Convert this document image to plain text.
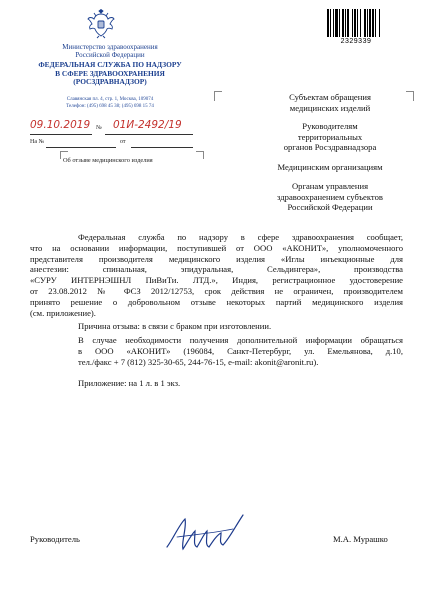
Министерство здравоохранения
Российской Федерации
ФЕДЕРАЛЬНАЯ СЛУЖБА ПО НАДЗОРУ
В СФЕРЕ ЗДРАВООХРАНЕНИЯ
(РОСЗДРАВНАДЗОР)
Славянская пл. 4, стр. 1, Москва, 109074
Телефон: (495) 698 45 38; (495) 698 15 74
2329339
09.10.2019 № 01И-2492/19
На №	от
Об отзыве медицинского изделия
Субъектам обращения
медицинских изделий
Руководителям
территориальных
органов Росздравнадзора
Медицинским организациям
Органам управления
здравоохранением субъектов
Российской Федерации
Федеральная служба по надзору в сфере здравоохранения сообщает,
что на основании информации, поступившей от ООО «АКОНИТ», уполномоченного
представителя производителя медицинского изделия «Иглы инъекционные для
анестезии: спинальная, эпидуральная, Сельдингера», производства
«СУРУ ИНТЕРНЭШНЛ ПиВиТи. ЛТД.», Индия, регистрационное удостоверение
от 23.08.2012 № ФСЗ 2012/12753, срок действия не ограничен, производителем
принято решение о добровольном отзыве некоторых партий медицинского изделия
(см. приложение).
Причина отзыва: в связи с браком при изготовлении.
В случае необходимости получения дополнительной информации обращаться
в ООО «АКОНИТ» (196084, Санкт-Петербург, ул. Емельянова, д.10,
тел./факс + 7 (812) 325-30-65, 244-76-15, e-mail: akonit@aronit.ru).
Приложение: на 1 л. в 1 экз.
Руководитель	М.А. Мурашко
